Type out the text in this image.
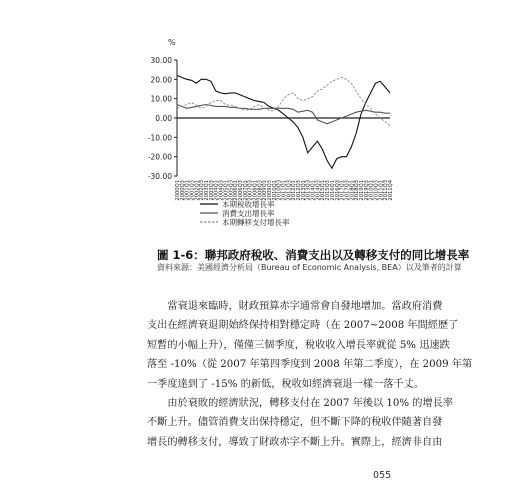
%
30.00
20.00
10.00
0.00
-10.00
-20.00
-30.00
2000Q1
2000Q3
2001Q1
2001Q3
2002Q1
2002Q3
2003Q1
2003Q3
2004Q1
2004Q3
2005Q1
2005Q3
2006Q1
2006Q3
2007Q1
2007Q3
2008Q1
2008Q3
2009Q1
2009Q3
2010Q1
2010Q3
2011Q1
2011Q3
2012Q1
2012Q3
2013Q1
2013Q3
2014Q1
2014Q3
2015Q1
2015Q3
2016Q1
2016Q3
2017Q1
2017Q3
2018Q1
2018Q3
2019Q1
2019Q3
2010Q1
2010Q3
2011Q1
2011Q3
2011Q4
本期稅收增長率
消費支出增長率
本期轉移支付增長率
圖 1-6：聯邦政府稅收、消費支出以及轉移支付的同比增長率
資料來源：美國經濟分析局（Bureau of Economic Analysis, BEA）以及筆者的計算

　　當衰退來臨時，財政預算赤字通常會自發地增加。當政府消費
支出在經濟衰退期始終保持相對穩定時（在 2007~2008 年間經歷了
短暫的小幅上升），僅僅三個季度，稅收收入增長率就從 5% 迅速跌
落至 -10%（從 2007 年第四季度到 2008 年第二季度），在 2009 年第
一季度達到了 -15% 的新低，稅收如經濟衰退一樣一落千丈。

　　由於衰敗的經濟狀況，轉移支付在 2007 年後以 10% 的增長率
不斷上升。儘管消費支出保持穩定，但不斷下降的稅收伴隨著自發
增長的轉移支付，導致了財政赤字不斷上升。實際上，經濟非自由

055
